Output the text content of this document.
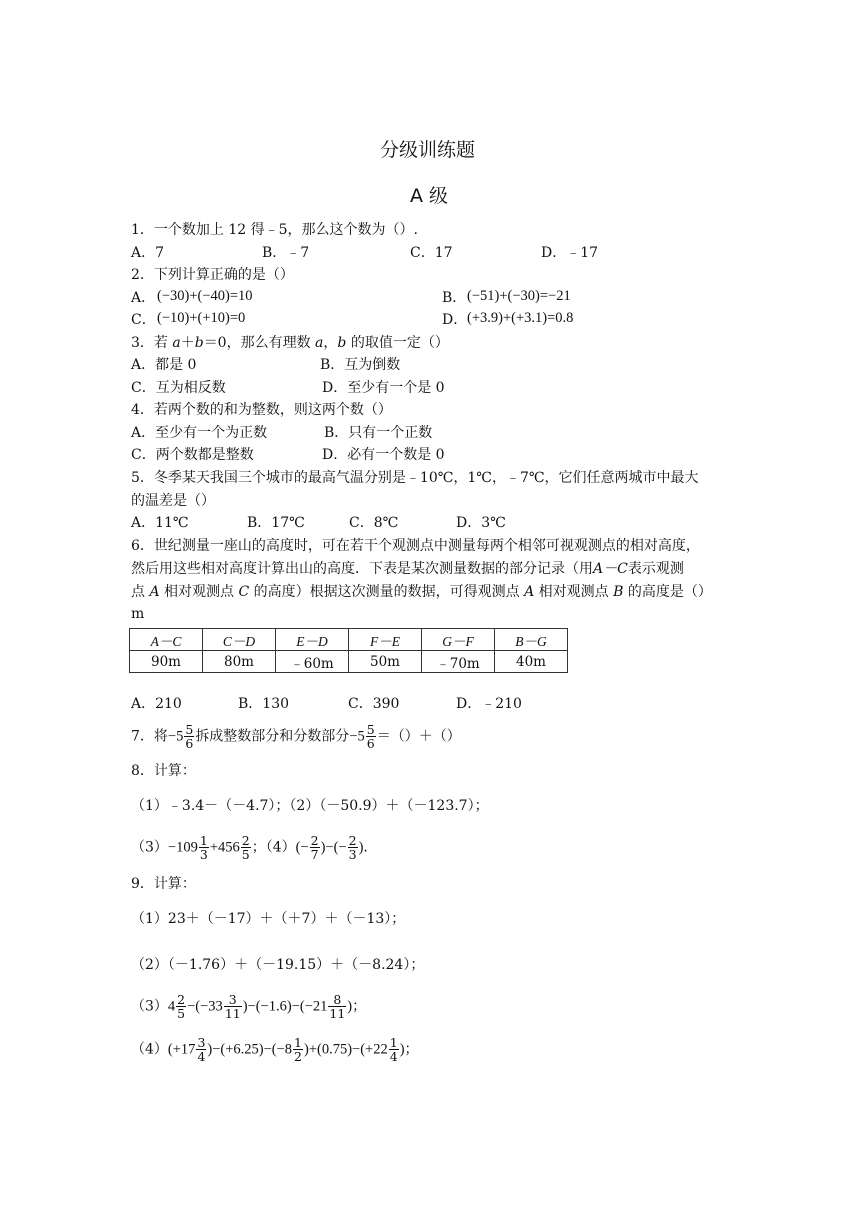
分级训练题
A 级
1．一个数加上 12 得﹣5，那么这个数为（）.
A．7	B．﹣7	C．17	D．﹣17
2．下列计算正确的是（）
A． (−30)+(−40)=10	B． (−51)+(−30)=−21
C． (−10)+(+10)=0	D． (+3.9)+(+3.1)=0.8
3．若 a＋b＝0，那么有理数 a，b 的取值一定（）
A．都是 0	B．互为倒数
C．互为相反数	D．至少有一个是 0
4．若两个数的和为整数，则这两个数（）
A．至少有一个为正数	B．只有一个正数
C．两个数都是整数	D．必有一个数是 0
5．冬季某天我国三个城市的最高气温分别是﹣10℃，1℃，﹣7℃，它们任意两城市中最大
的温差是（）
A．11℃	B．17℃	C．8℃	D．3℃
6．世纪测量一座山的高度时，可在若干个观测点中测量每两个相邻可视观测点的相对高度，
然后用这些相对高度计算出山的高度．下表是某次测量数据的部分记录（用A－C表示观测
点 A 相对观测点 C 的高度）根据这次测量的数据，可得观测点 A 相对观测点 B 的高度是（）
m
A－C	C－D	E－D	F－E	G－F	B－G
90m	80m	﹣60m	50m	﹣70m	40m
A．210	B．130	C．390	D．﹣210
7．将$-5 \frac{5}{6}$ 拆成整数部分和分数部分$-5 \frac{5}{6}$ ＝（）＋（）
8．计算：
（1）﹣3.4－（－4.7）；（2）（－50.9）＋（－123.7）；
$(3)-109 \frac{1}{3} +456 \frac{2}{5}$ ；$(4)(- \frac{2}{7}$ )−(− $\frac{2}{3}$ )．
9．计算：
（1）23＋（－17）＋（＋7）＋（－13）；
（2）（－1.76）＋（－19.15）＋（－8.24）；
$(3)4 \frac{2}{5} -(-33 \frac{3}{11} )-(-1.6)-(-21 \frac{8}{11}$ )；
$(4)(+17 \frac{3}{4} )-(+6.25)-(-8 \frac{1}{2} )+(0.75)-(+22 \frac{1}{4}$ )；
